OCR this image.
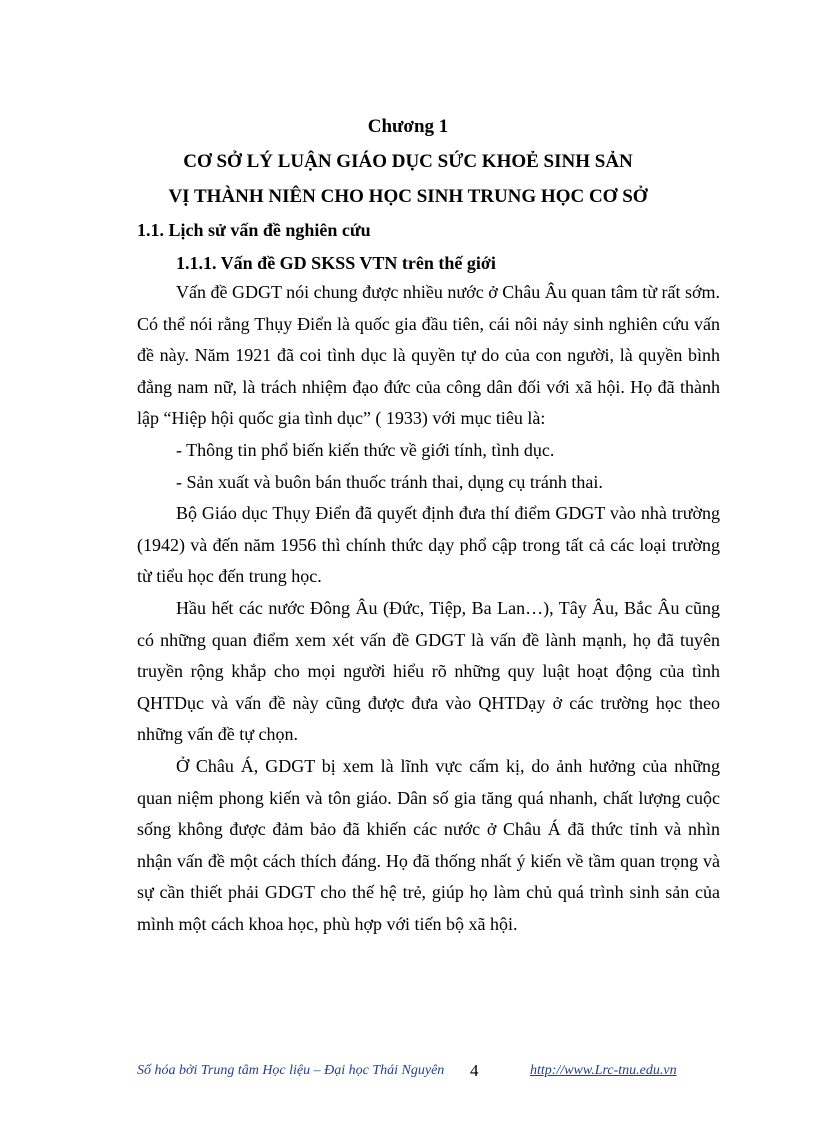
Chương 1
CƠ SỞ LÝ LUẬN GIÁO DỤC SỨC KHOẺ SINH SẢN
VỊ THÀNH NIÊN CHO HỌC SINH TRUNG HỌC CƠ SỞ
1.1. Lịch sử vấn đề nghiên cứu
1.1.1. Vấn đề GD SKSS VTN trên thế giới

Vấn đề GDGT nói chung được nhiều nước ở Châu Âu quan tâm từ rất sớm. Có thể nói rằng Thụy Điển là quốc gia đầu tiên, cái nôi nảy sinh nghiên cứu vấn đề này. Năm 1921 đã coi tình dục là quyền tự do của con người, là quyền bình đẳng nam nữ, là trách nhiệm đạo đức của công dân đối với xã hội. Họ đã thành lập “Hiệp hội quốc gia tình dục” ( 1933) với mục tiêu là:

- Thông tin phổ biến kiến thức về giới tính, tình dục.

- Sản xuất và buôn bán thuốc tránh thai, dụng cụ tránh thai.

Bộ Giáo dục Thụy Điển đã quyết định đưa thí điểm GDGT vào nhà trường (1942) và đến năm 1956 thì chính thức dạy phổ cập trong tất cả các loại trường từ tiểu học đến trung học.

Hầu hết các nước Đông Âu (Đức, Tiệp, Ba Lan…), Tây Âu, Bắc Âu cũng có những quan điểm xem xét vấn đề GDGT là vấn đề lành mạnh, họ đã tuyên truyền rộng khắp cho mọi người hiểu rõ những quy luật hoạt động của tình QHTDục và vấn đề này cũng được đưa vào QHTDạy ở các trường học theo những vấn đề tự chọn.

Ở Châu Á, GDGT bị xem là lĩnh vực cấm kị, do ảnh hưởng của những quan niệm phong kiến và tôn giáo. Dân số gia tăng quá nhanh, chất lượng cuộc sống không được đảm bảo đã khiến các nước ở Châu Á đã thức tỉnh và nhìn nhận vấn đề một cách thích đáng. Họ đã thống nhất ý kiến về tầm quan trọng và sự cần thiết phải GDGT cho thế hệ trẻ, giúp họ làm chủ quá trình sinh sản của mình một cách khoa học, phù hợp với tiến bộ xã hội.

Số hóa bởi Trung tâm Học liệu – Đại học Thái Nguyên 4	http://www.Lrc-tnu.edu.vn
